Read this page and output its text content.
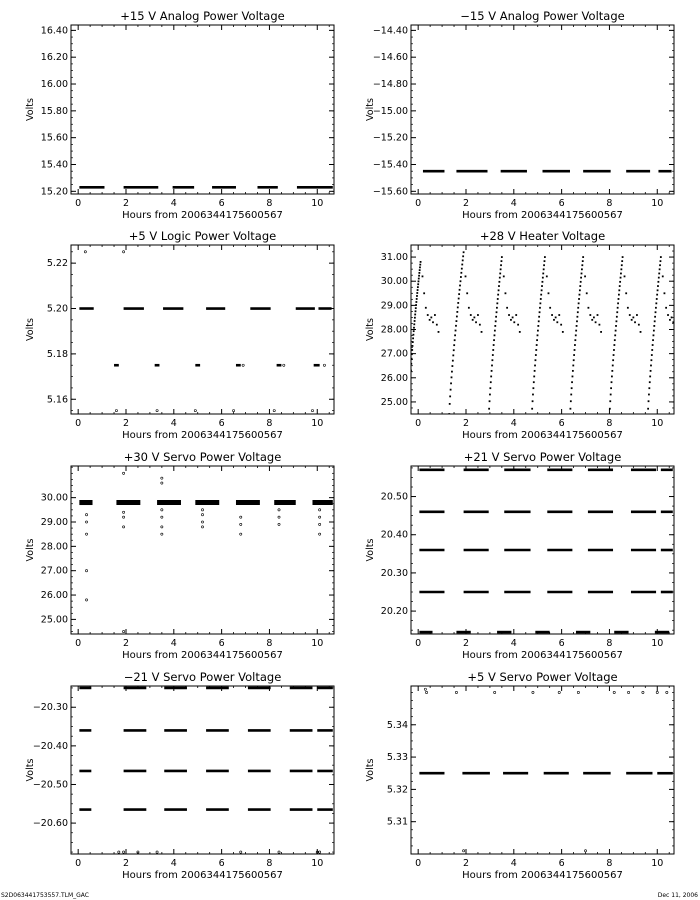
+15 V Analog Power Voltage
0	2	4	6	8	10
15.20
15.40
15.60
15.80
16.00
16.20
16.40
Hours from 2006344175600567
Volts
−15 V Analog Power Voltage
0	2	4	6	8	10
−15.60
−15.40
−15.20
−15.00
−14.80
−14.60
−14.40
Hours from 2006344175600567
Volts
+5 V Logic Power Voltage
0	2	4	6	8	10
5.16
5.18
5.20
5.22
Hours from 2006344175600567
Volts
+28 V Heater Voltage
0	2	4	6	8	10
25.00
26.00
27.00
28.00
29.00
30.00
31.00
Hours from 2006344175600567
Volts
+30 V Servo Power Voltage
0	2	4	6	8	10
25.00
26.00
27.00
28.00
29.00
30.00
Hours from 2006344175600567
Volts
+21 V Servo Power Voltage
0	2	4	6	8	10
20.20
20.30
20.40
20.50
Hours from 2006344175600567
Volts
−21 V Servo Power Voltage
0	2	4	6	8	10
−20.60
−20.50
−20.40
−20.30
Hours from 2006344175600567
Volts
+5 V Servo Power Voltage
0	2	4	6	8	10
5.31
5.32
5.33
5.34
Hours from 2006344175600567
Volts
S2D063441753557.TLM_GAC	Dec 11, 2006
